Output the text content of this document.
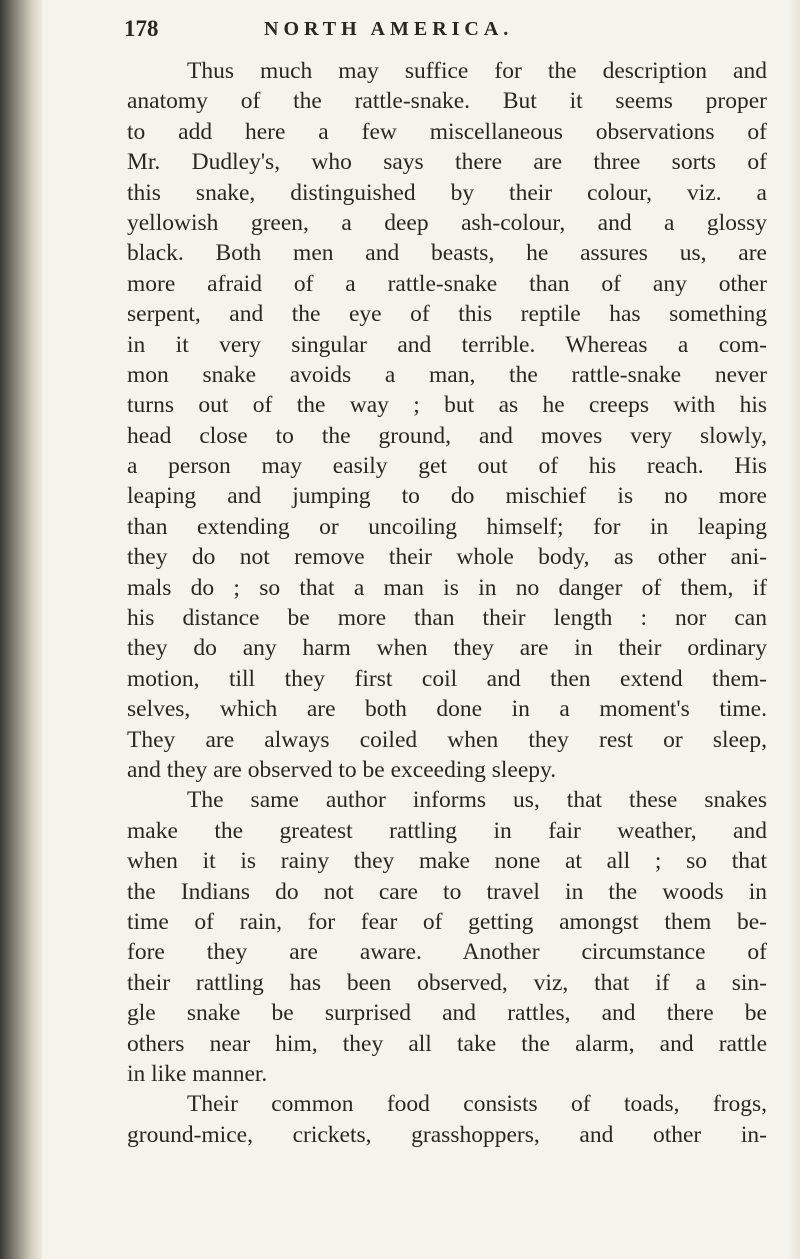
178	NORTH AMERICA.
Thus much may suffice for the description and
anatomy of the rattle-snake. But it seems proper
to add here a few miscellaneous observations of
Mr. Dudley's, who says there are three sorts of
this snake, distinguished by their colour, viz. a
yellowish green, a deep ash-colour, and a glossy
black. Both men and beasts, he assures us, are
more afraid of a rattle-snake than of any other
serpent, and the eye of this reptile has something
in it very singular and terrible. Whereas a com-
mon snake avoids a man, the rattle-snake never
turns out of the way ; but as he creeps with his
head close to the ground, and moves very slowly,
a person may easily get out of his reach. His
leaping and jumping to do mischief is no more
than extending or uncoiling himself; for in leaping
they do not remove their whole body, as other ani-
mals do ; so that a man is in no danger of them, if
his distance be more than their length : nor can
they do any harm when they are in their ordinary
motion, till they first coil and then extend them-
selves, which are both done in a moment's time.
They are always coiled when they rest or sleep,
and they are observed to be exceeding sleepy.
The same author informs us, that these snakes
make the greatest rattling in fair weather, and
when it is rainy they make none at all ; so that
the Indians do not care to travel in the woods in
time of rain, for fear of getting amongst them be-
fore they are aware. Another circumstance of
their rattling has been observed, viz, that if a sin-
gle snake be surprised and rattles, and there be
others near him, they all take the alarm, and rattle
in like manner.
Their common food consists of toads, frogs,
ground-mice, crickets, grasshoppers, and other in-
